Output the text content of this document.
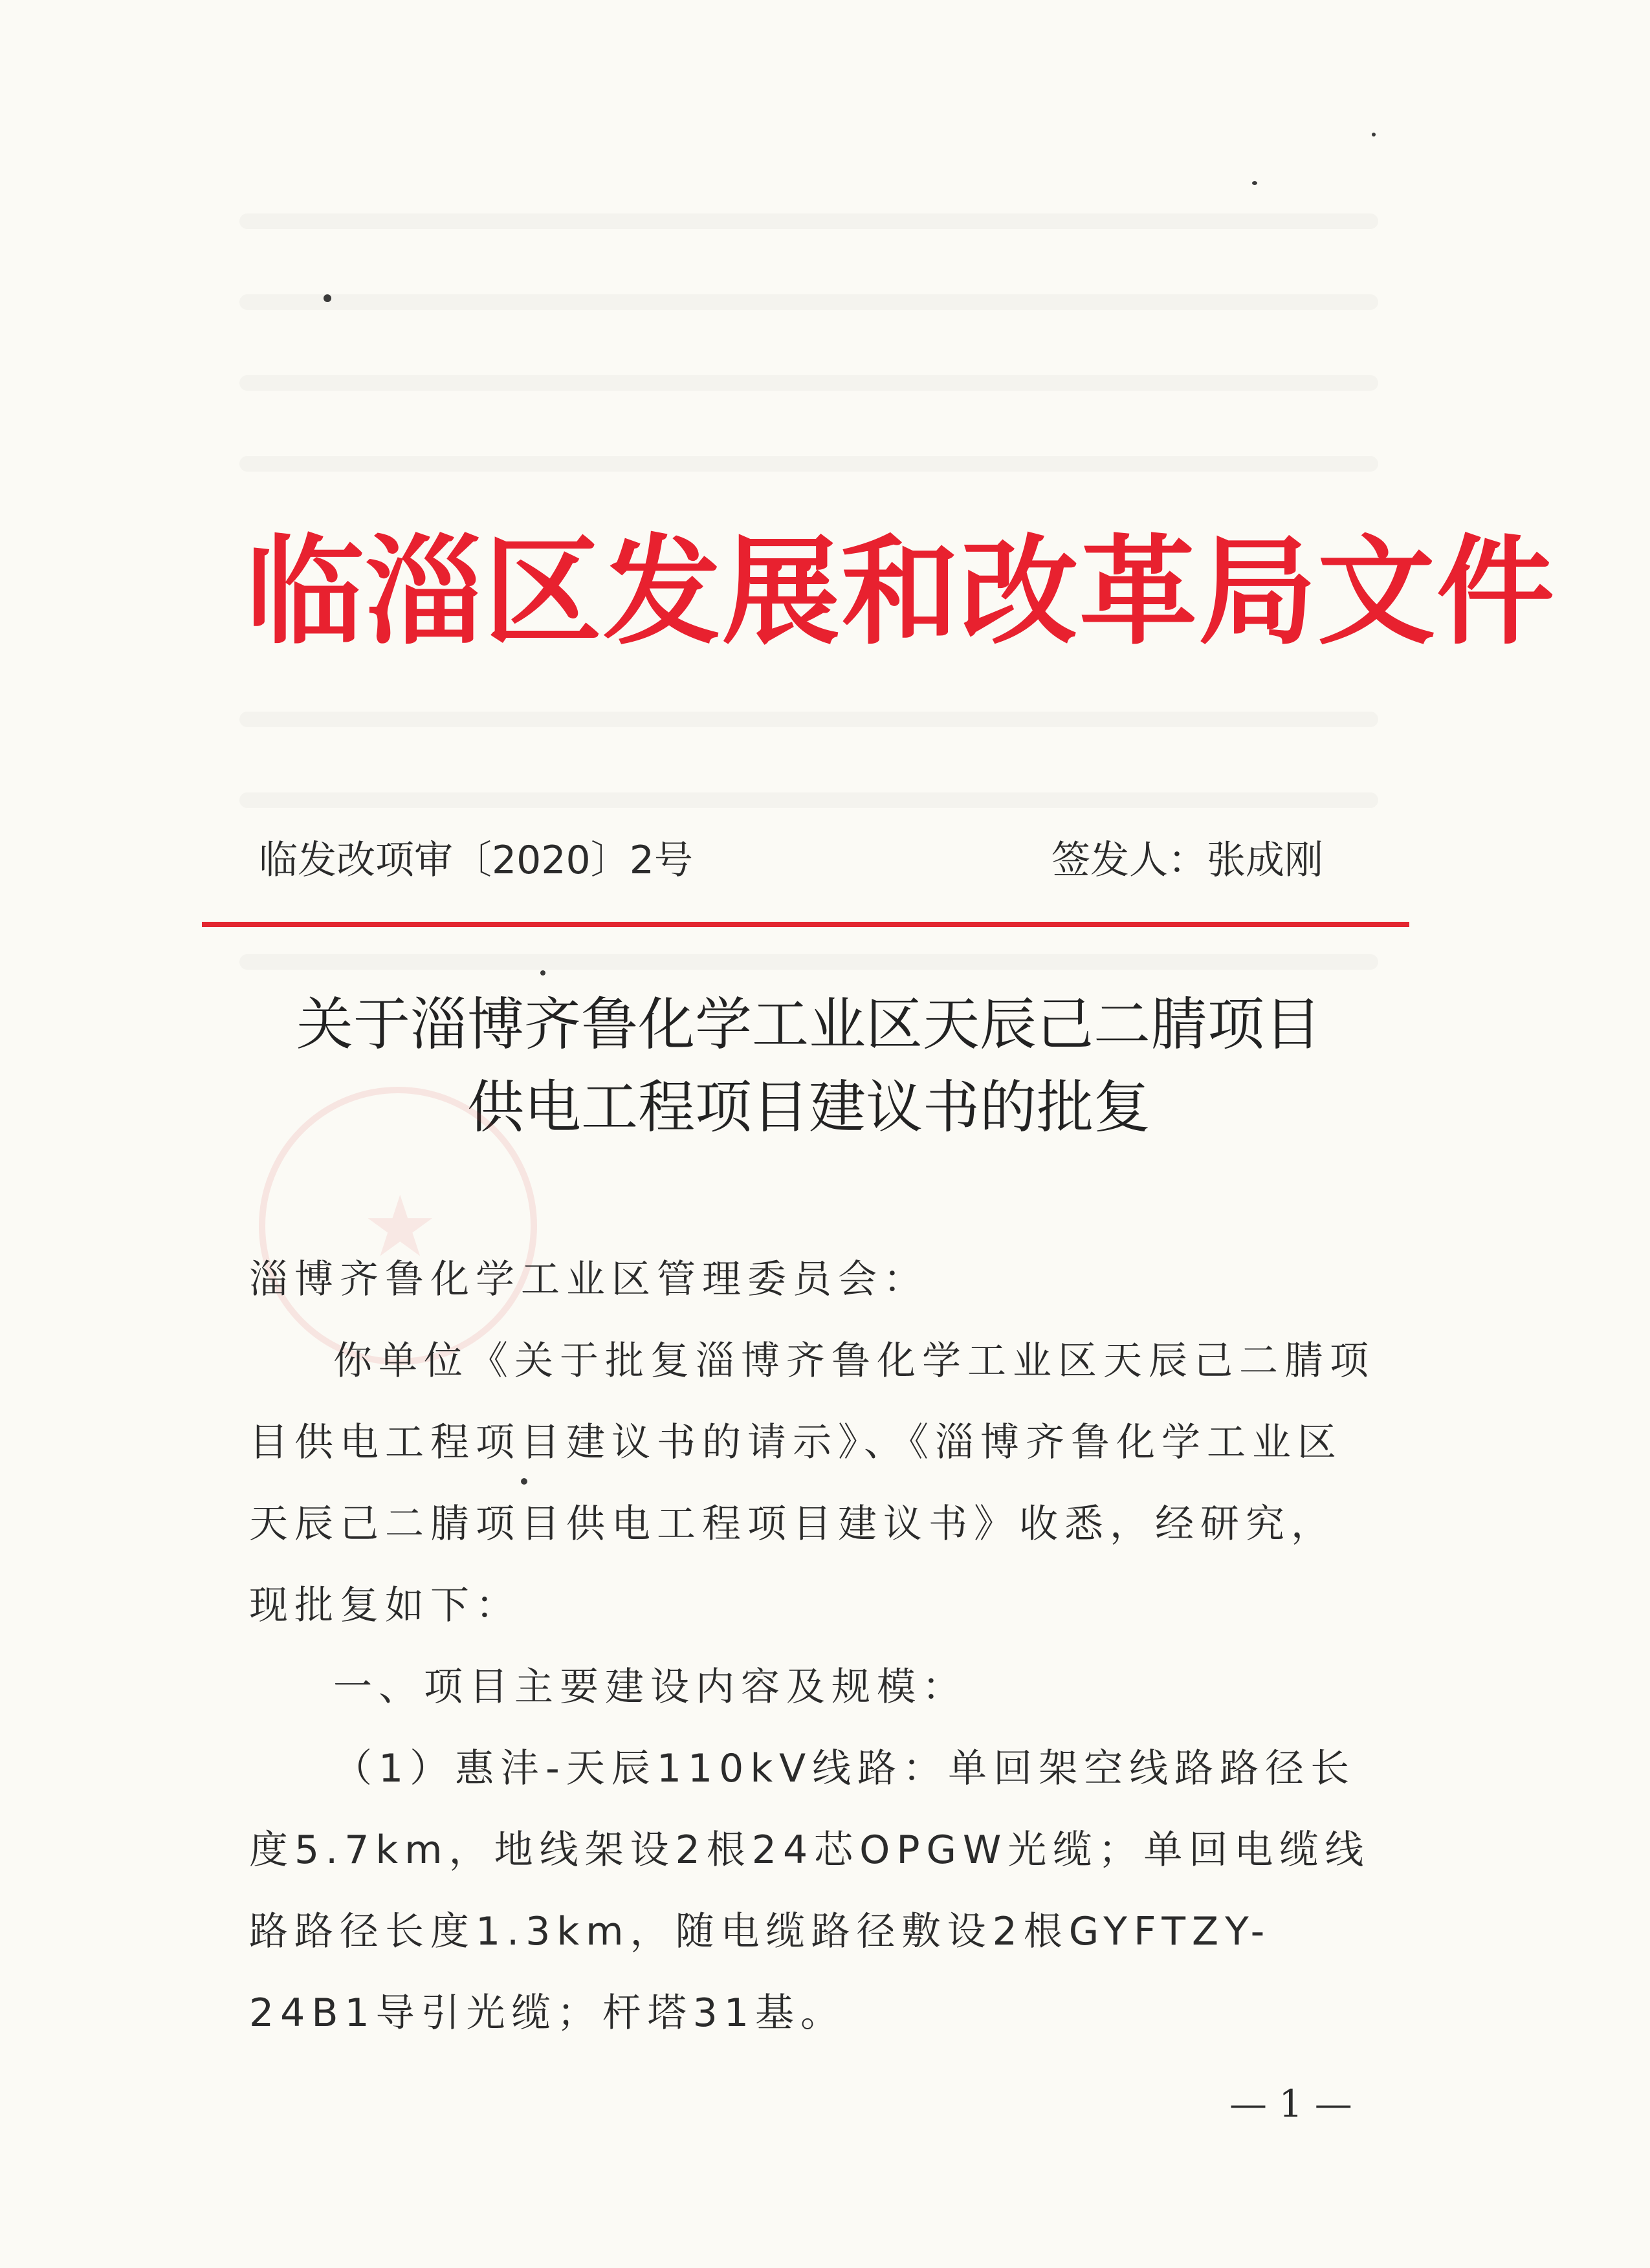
临淄区发展和改革局文件
临发改项审〔2020〕2号	签发人：张成刚
关于淄博齐鲁化学工业区天辰己二腈项目
供电工程项目建议书的批复
★

淄博齐鲁化学工业区管理委员会：

你单位《关于批复淄博齐鲁化学工业区天辰己二腈项目供电工程项目建议书的请示》、《淄博齐鲁化学工业区天辰己二腈项目供电工程项目建议书》收悉，经研究，现批复如下：

一、项目主要建设内容及规模：

（1）惠沣-天辰110kV线路：单回架空线路路径长度5.7km，地线架设2根24芯OPGW光缆；单回电缆线路路径长度1.3km，随电缆路径敷设2根GYFTZY-24B1导引光缆；杆塔31基。

— 1 —
